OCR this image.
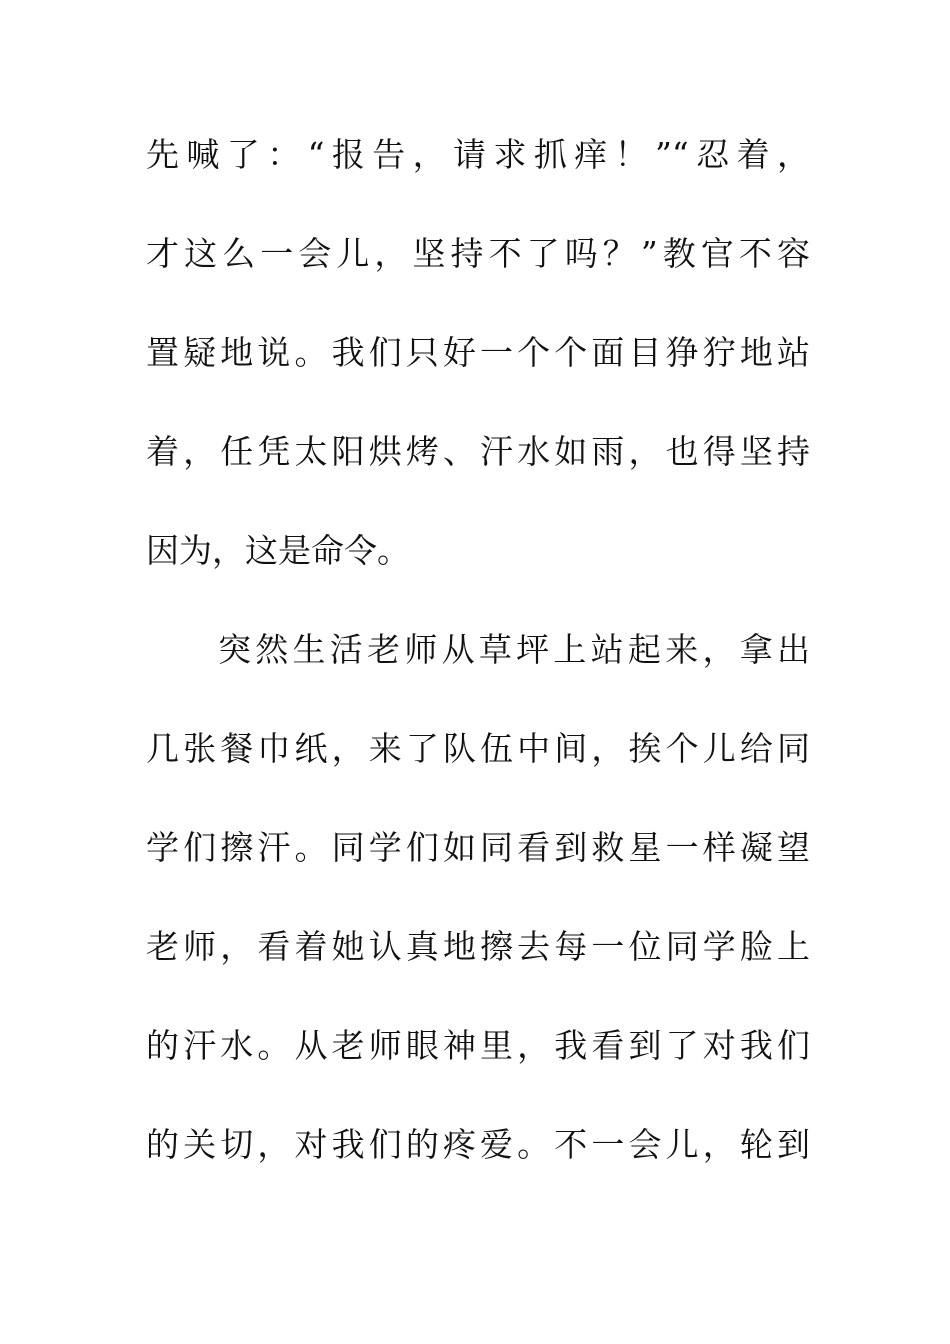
先喊了：“报告，请求抓痒！”“忍着，
才这么一会儿，坚持不了吗？”教官不容
置疑地说。我们只好一个个面目狰狞地站
着，任凭太阳烘烤、汗水如雨，也得坚持
因为，这是命令。
突然生活老师从草坪上站起来，拿出
几张餐巾纸，来了队伍中间，挨个儿给同
学们擦汗。同学们如同看到救星一样凝望
老师，看着她认真地擦去每一位同学脸上
的汗水。从老师眼神里，我看到了对我们
的关切，对我们的疼爱。不一会儿，轮到
